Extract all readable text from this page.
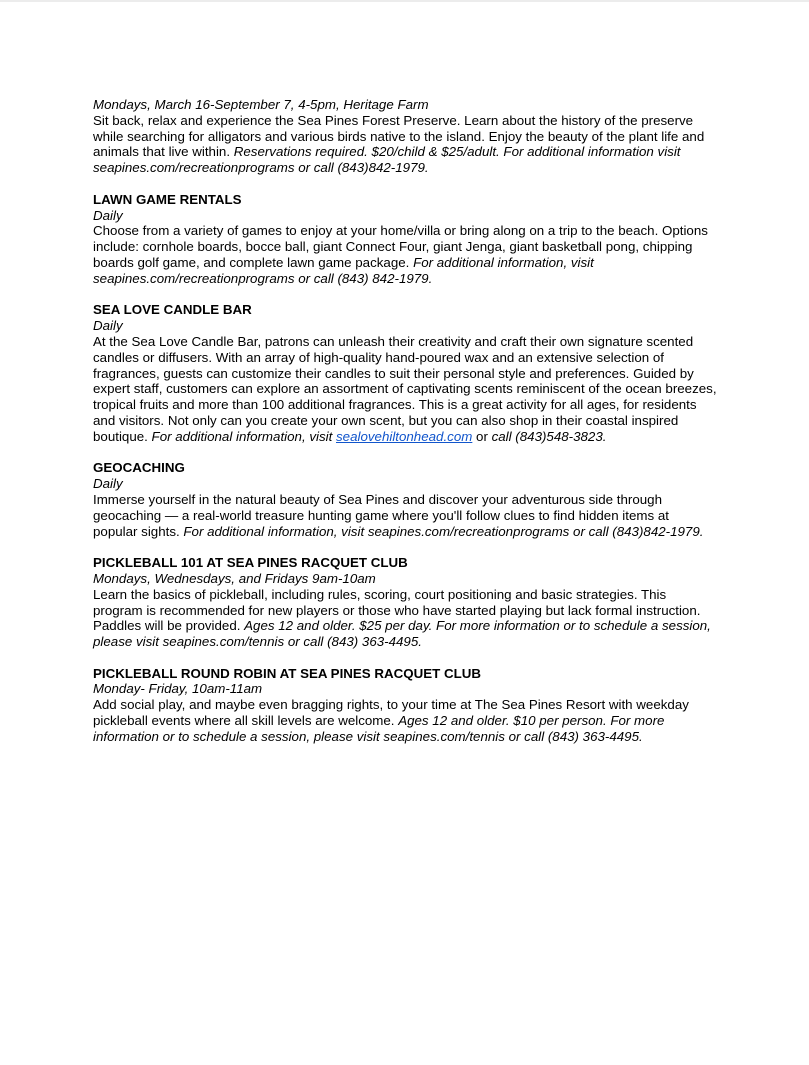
Mondays, March 16-September 7, 4-5pm, Heritage Farm

Sit back, relax and experience the Sea Pines Forest Preserve. Learn about the history of the preserve while searching for alligators and various birds native to the island. Enjoy the beauty of the plant life and animals that live within. Reservations required. $20/child & $25/adult. For additional information visit seapines.com/recreationprograms or call (843)842-1979.

LAWN GAME RENTALS
Daily

Choose from a variety of games to enjoy at your home/villa or bring along on a trip to the beach. Options include: cornhole boards, bocce ball, giant Connect Four, giant Jenga, giant basketball pong, chipping boards golf game, and complete lawn game package. For additional information, visit seapines.com/recreationprograms or call (843) 842-1979.

SEA LOVE CANDLE BAR
Daily

At the Sea Love Candle Bar, patrons can unleash their creativity and craft their own signature scented candles or diffusers. With an array of high-quality hand-poured wax and an extensive selection of fragrances, guests can customize their candles to suit their personal style and preferences. Guided by expert staff, customers can explore an assortment of captivating scents reminiscent of the ocean breezes, tropical fruits and more than 100 additional fragrances. This is a great activity for all ages, for residents and visitors. Not only can you create your own scent, but you can also shop in their coastal inspired boutique. For additional information, visit sealovehiltonhead.com or call (843)548-3823.

GEOCACHING
Daily

Immerse yourself in the natural beauty of Sea Pines and discover your adventurous side through geocaching — a real-world treasure hunting game where you'll follow clues to find hidden items at popular sights. For additional information, visit seapines.com/recreationprograms or call (843)842-1979.

PICKLEBALL 101 AT SEA PINES RACQUET CLUB
Mondays, Wednesdays, and Fridays 9am-10am

Learn the basics of pickleball, including rules, scoring, court positioning and basic strategies. This program is recommended for new players or those who have started playing but lack formal instruction. Paddles will be provided. Ages 12 and older. $25 per day. For more information or to schedule a session, please visit seapines.com/tennis or call (843) 363-4495.

PICKLEBALL ROUND ROBIN AT SEA PINES RACQUET CLUB
Monday- Friday, 10am-11am

Add social play, and maybe even bragging rights, to your time at The Sea Pines Resort with weekday pickleball events where all skill levels are welcome. Ages 12 and older. $10 per person. For more information or to schedule a session, please visit seapines.com/tennis or call (843) 363-4495.
